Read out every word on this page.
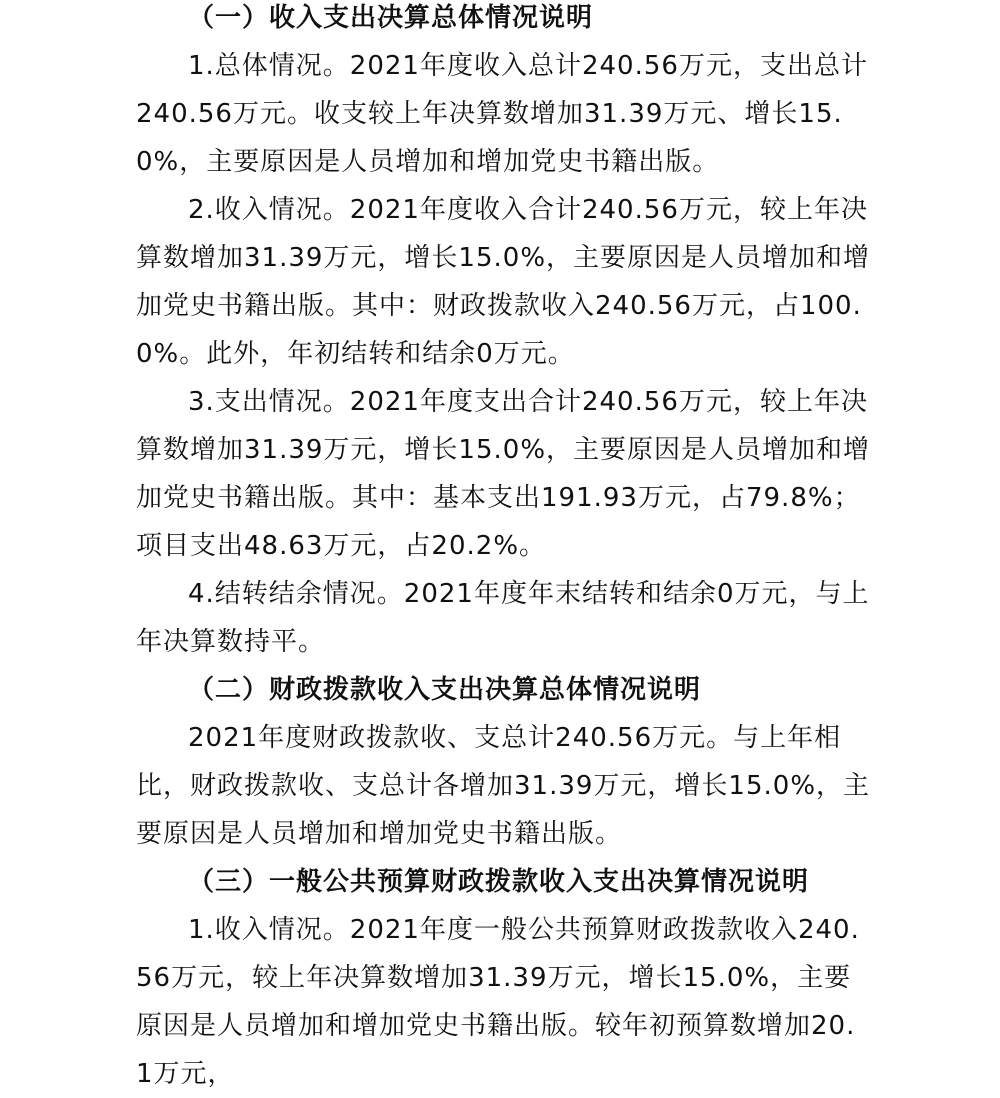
（一）收入支出决算总体情况说明
1.总体情况。2021年度收入总计240.56万元，支出总计240.56万元。收支较上年决算数增加31.39万元、增长15.0%，主要原因是人员增加和增加党史书籍出版。
2.收入情况。2021年度收入合计240.56万元，较上年决算数增加31.39万元，增长15.0%，主要原因是人员增加和增加党史书籍出版。其中：财政拨款收入240.56万元，占100.0%。此外，年初结转和结余0万元。
3.支出情况。2021年度支出合计240.56万元，较上年决算数增加31.39万元，增长15.0%，主要原因是人员增加和增加党史书籍出版。其中：基本支出191.93万元，占79.8%；项目支出48.63万元，占20.2%。
4.结转结余情况。2021年度年末结转和结余0万元，与上年决算数持平。
（二）财政拨款收入支出决算总体情况说明
2021年度财政拨款收、支总计240.56万元。与上年相比，财政拨款收、支总计各增加31.39万元，增长15.0%，主要原因是人员增加和增加党史书籍出版。
（三）一般公共预算财政拨款收入支出决算情况说明
1.收入情况。2021年度一般公共预算财政拨款收入240.56万元，较上年决算数增加31.39万元，增长15.0%，主要原因是人员增加和增加党史书籍出版。较年初预算数增加20.1万元，
